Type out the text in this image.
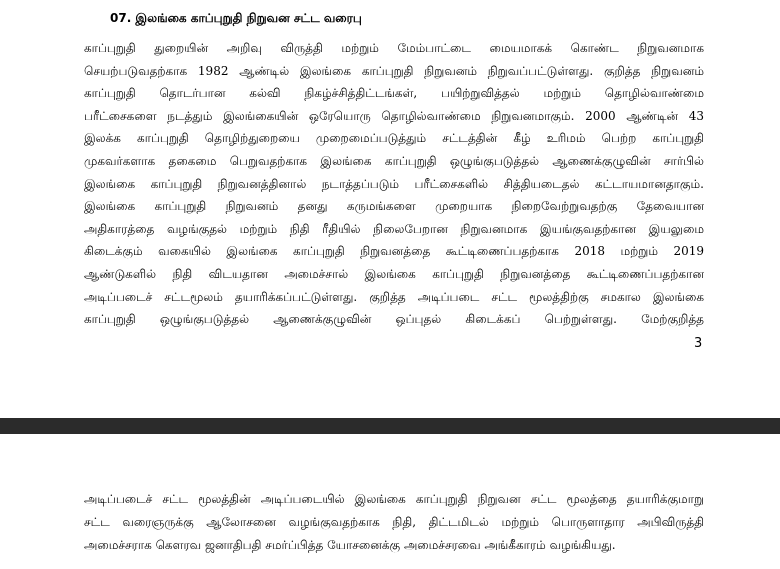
07. இலங்கை காப்புறுதி நிறுவன சட்ட வரைபு
காப்புறுதி துறையின் அறிவு விருத்தி மற்றும் மேம்பாட்டை மையமாகக் கொண்ட நிறுவனமாக
செயற்படுவதற்காக 1982 ஆண்டில் இலங்கை காப்புறுதி நிறுவனம் நிறுவப்பட்டுள்ளது. குறித்த நிறுவனம்
காப்புறுதி தொடர்பான கல்வி நிகழ்ச்சித்திட்டங்கள், பயிற்றுவித்தல் மற்றும் தொழில்வாண்மை
பரீட்சைகளை நடத்தும் இலங்கையின் ஒரேயொரு தொழில்வாண்மை நிறுவனமாகும். 2000 ஆண்டின் 43
இலக்க காப்புறுதி தொழிற்துறையை முறைமைப்படுத்தும் சட்டத்தின் கீழ் உரிமம் பெற்ற காப்புறுதி
முகவர்களாக தகைமை பெறுவதற்காக இலங்கை காப்புறுதி ஒழுங்குபடுத்தல் ஆணைக்குழுவின் சார்பில்
இலங்கை காப்புறுதி நிறுவனத்தினால் நடாத்தப்படும் பரீட்சைகளில் சித்தியடைதல் கட்டாயமானதாகும்.
இலங்கை காப்புறுதி நிறுவனம் தனது கருமங்களை முறையாக நிறைவேற்றுவதற்கு தேவையான
அதிகாரத்தை வழங்குதல் மற்றும் நிதி ரீதியில் நிலைபேறான நிறுவனமாக இயங்குவதற்கான இயலுமை
கிடைக்கும் வகையில் இலங்கை காப்புறுதி நிறுவனத்தை கூட்டிணைப்பதற்காக 2018 மற்றும் 2019
ஆண்டுகளில் நிதி விடயதான அமைச்சால் இலங்கை காப்புறுதி நிறுவனத்தை கூட்டிணைப்பதற்கான
அடிப்படைச் சட்டமூலம் தயாரிக்கப்பட்டுள்ளது. குறித்த அடிப்படை சட்ட மூலத்திற்கு சமகால இலங்கை
காப்புறுதி ஒழுங்குபடுத்தல் ஆணைக்குழுவின் ஒப்புதல் கிடைக்கப் பெற்றுள்ளது. மேற்குறித்த
3
அடிப்படைச் சட்ட மூலத்தின் அடிப்படையில் இலங்கை காப்புறுதி நிறுவன சட்ட மூலத்தை தயாரிக்குமாறு
சட்ட வரைஞருக்கு ஆலோசனை வழங்குவதற்காக நிதி, திட்டமிடல் மற்றும் பொருளாதார அபிவிருத்தி
அமைச்சராக கௌரவ ஜனாதிபதி சமர்ப்பித்த யோசனைக்கு அமைச்சரவை அங்கீகாரம் வழங்கியது.
